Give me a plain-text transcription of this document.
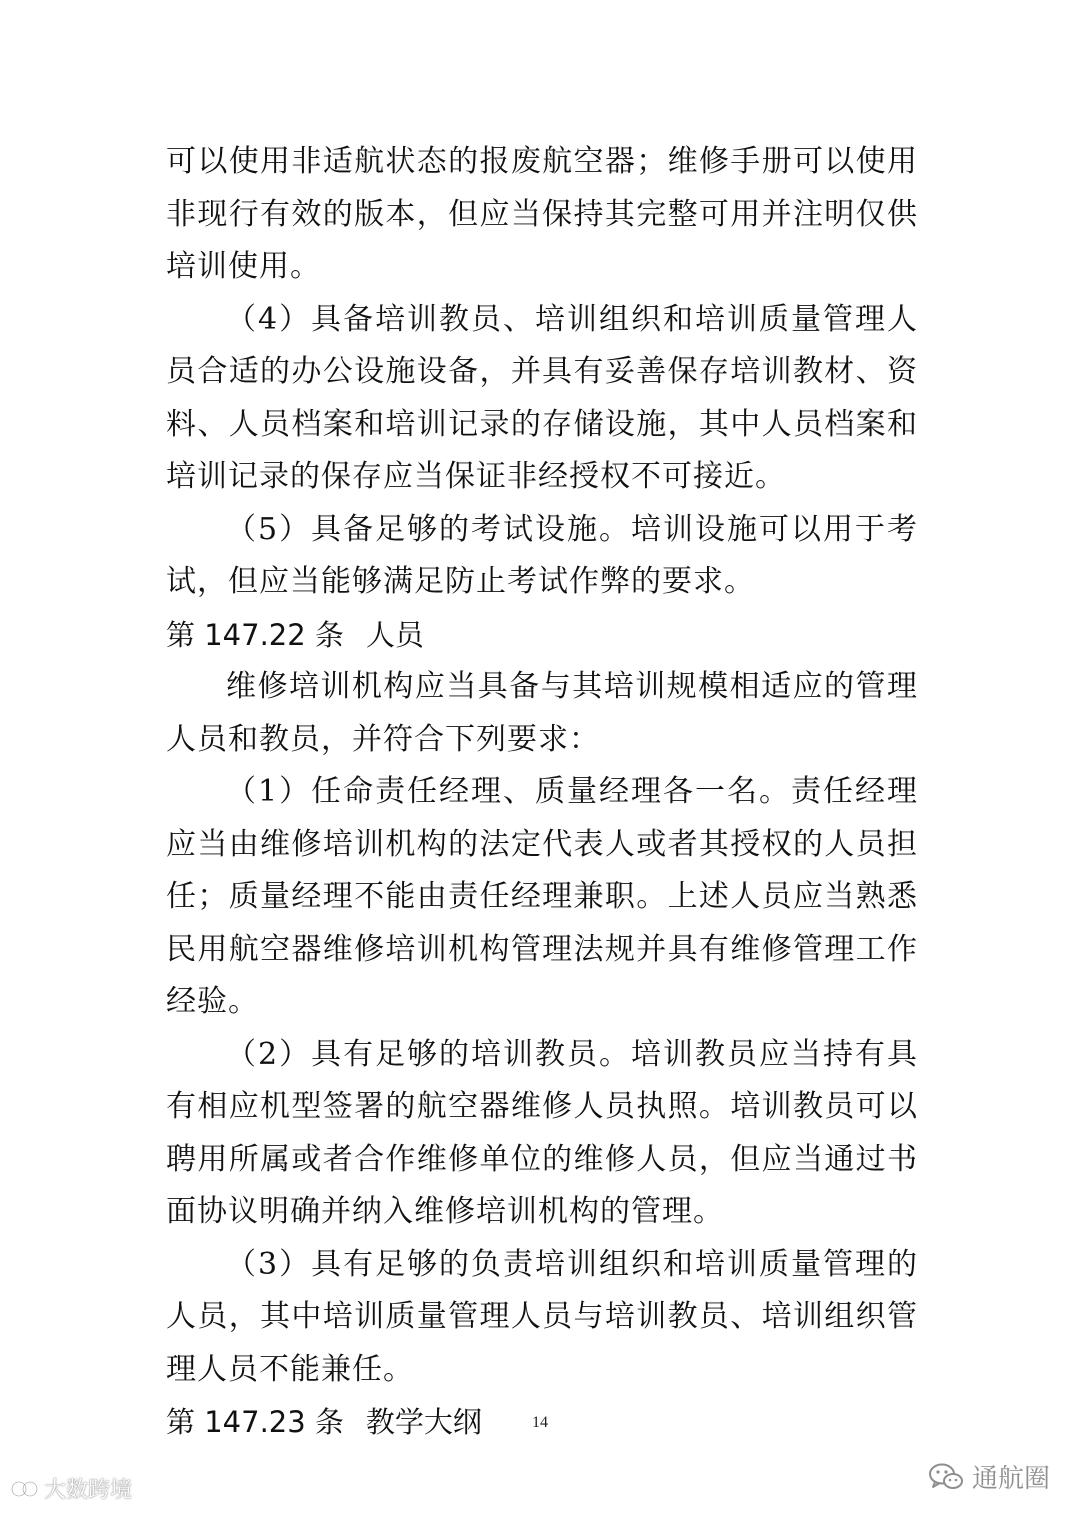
可以使用非适航状态的报废航空器；维修手册可以使用非现行有效的版本，但应当保持其完整可用并注明仅供培训使用。

（4）具备培训教员、培训组织和培训质量管理人员合适的办公设施设备，并具有妥善保存培训教材、资料、人员档案和培训记录的存储设施，其中人员档案和培训记录的保存应当保证非经授权不可接近。

（5）具备足够的考试设施。培训设施可以用于考试，但应当能够满足防止考试作弊的要求。

第 147.22 条 人员

维修培训机构应当具备与其培训规模相适应的管理人员和教员，并符合下列要求：

（1）任命责任经理、质量经理各一名。责任经理应当由维修培训机构的法定代表人或者其授权的人员担任；质量经理不能由责任经理兼职。上述人员应当熟悉民用航空器维修培训机构管理法规并具有维修管理工作经验。

（2）具有足够的培训教员。培训教员应当持有具有相应机型签署的航空器维修人员执照。培训教员可以聘用所属或者合作维修单位的维修人员，但应当通过书面协议明确并纳入维修培训机构的管理。

（3）具有足够的负责培训组织和培训质量管理的人员，其中培训质量管理人员与培训教员、培训组织管理人员不能兼任。

第 147.23 条 教学大纲	14
大数跨境	通航圈
